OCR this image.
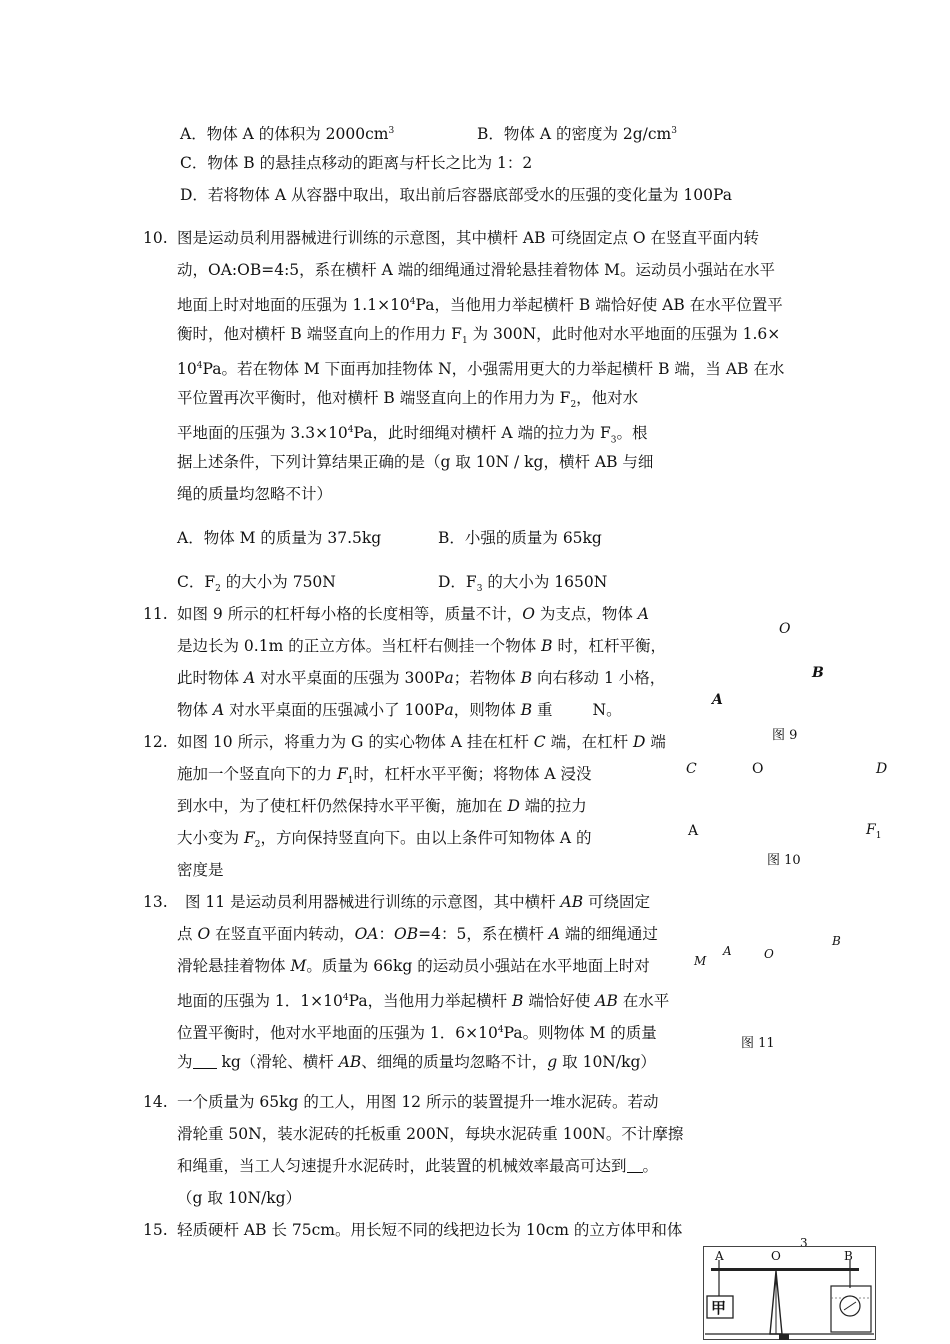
A．物体 A 的体积为 $2000cm^3$	B．物体 A 的密度为 $2g/cm^3$
C．物体 B 的悬挂点移动的距离与杆长之比为 1：2
D．若将物体 A 从容器中取出，取出前后容器底部受水的压强的变化量为 100Pa
10. 图是运动员利用器械进行训练的示意图，其中横杆 AB 可绕固定点 O 在竖直平面内转
动，OA:OB=4:5，系在横杆 A 端的细绳通过滑轮悬挂着物体 M。运动员小强站在水平
地面上时对地面的压强为 $1.1\times 10^4Pa$，当他用力举起横杆 B 端恰好使 AB 在水平位置平
衡时，他对横杆 B 端竖直向上的作用力 $F_1$ 为 300N，此时他对水平地面的压强为 1.6×
$10^4Pa$。若在物体 M 下面再加挂物体 N，小强需用更大的力举起横杆 B 端，当 AB 在水
平位置再次平衡时，他对横杆 B 端竖直向上的作用力为 $F_2$，他对水
平地面的压强为 $3.3\times 10^4Pa$，此时细绳对横杆 A 端的拉力为 $F_3$。根
据上述条件，下列计算结果正确的是（g 取 10N / kg，横杆 AB 与细
绳的质量均忽略不计）
A．物体 M 的质量为 37.5kg	B．小强的质量为 65kg
C．$F_2$ 的大小为 750N	D．$F_3$ 的大小为 1650N
11. 如图 9 所示的杠杆每小格的长度相等，质量不计，O 为支点，物体 A
是边长为 0.1m 的正立方体。当杠杆右侧挂一个物体 B 时，杠杆平衡，
此时物体 A 对水平桌面的压强为 300Pa；若物体 B 向右移动 1 小格，
物体 A 对水平桌面的压强减小了 100Pa，则物体 B 重	N。
12. 如图 10 所示，将重力为 G 的实心物体 A 挂在杠杆 C 端，在杠杆 D 端
施加一个竖直向下的力 $F_1$时，杠杆水平平衡；将物体 A 浸没
到水中，为了使杠杆仍然保持水平平衡，施加在 D 端的拉力
大小变为 $F_2$，方向保持竖直向下。由以上条件可知物体 A 的
密度是
13. 图 11 是运动员利用器械进行训练的示意图，其中横杆 AB 可绕固定
点 O 在竖直平面内转动，OA：OB=4：5，系在横杆 A 端的细绳通过
滑轮悬挂着物体 M。质量为 66kg 的运动员小强站在水平地面上时对
地面的压强为 1．$1\times 10^4Pa$，当他用力举起横杆 B 端恰好使 AB 在水平
位置平衡时，他对水平地面的压强为 1．$6\times 10^4Pa$。则物体 M 的质量
为 kg（滑轮、横杆 AB、细绳的质量均忽略不计，g 取 10N/kg）
14. 一个质量为 65kg 的工人，用图 12 所示的装置提升一堆水泥砖。若动
滑轮重 50N，装水泥砖的托板重 200N，每块水泥砖重 100N。不计摩擦
和绳重，当工人匀速提升水泥砖时，此装置的机械效率最高可达到 。
（g 取 10N/kg）
15. 轻质硬杆 AB 长 75cm。用长短不同的线把边长为 10cm 的立方体甲和体
O
B
A
图 9
C	O	D
A	$F_1$
图 10
B
A	O
M
图 11
3
A	O	B
甲
